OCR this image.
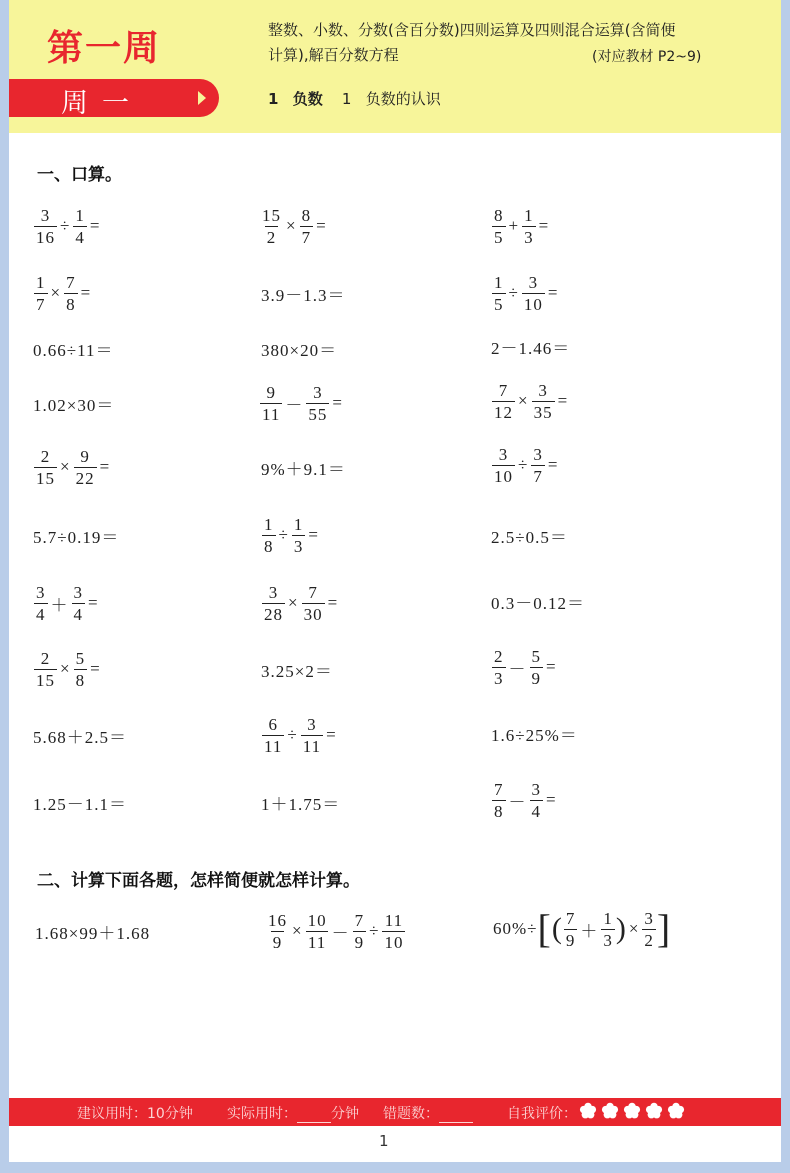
第一周
周一
整数、小数、分数(含百分数)四则运算及四则混合运算(含简便
计算),解百分数方程	(对应教材 P2~9)
1 负数 1 负数的认识
一、口算。
$\frac{3}{16} \div \frac{1}{4}$ =	$\frac{15}{2} \times \frac{8}{7}$ =	$\frac{8}{5} + \frac{1}{3}$ =
$\frac{1}{7} \times \frac{7}{8}$ =	3.9－1.3＝	$\frac{1}{5} \div \frac{3}{10}$ =
0.66÷11＝	380×20＝	2－1.46＝
1.02×30＝	$\frac{9}{11} - \frac{3}{55}$ =	$\frac{7}{12} \times \frac{3}{35}$ =
$\frac{2}{15} \times \frac{9}{22}$ =	9%＋9.1＝	$\frac{3}{10} \div \frac{3}{7}$ =
5.7÷0.19＝	$\frac{1}{8} \div \frac{1}{3}$ =	2.5÷0.5＝
$\frac{3}{4} + \frac{3}{4}$ =	$\frac{3}{28} \times \frac{7}{30}$ =	0.3－0.12＝
$\frac{2}{15} \times \frac{5}{8}$ =	3.25×2＝	$\frac{2}{3} - \frac{5}{9}$ =
5.68＋2.5＝	$\frac{6}{11} \div \frac{3}{11}$ =	1.6÷25%＝
1.25－1.1＝	1＋1.75＝	$\frac{7}{8} - \frac{3}{4}$ =
二、计算下面各题，怎样简便就怎样计算。
1.68×99＋1.68	$\frac{16}{9} \times \frac{10}{11} - \frac{7}{9} \div \frac{11}{10}$	60%÷ [ ( $\frac{7}{9} + \frac{1}{3}$ ) × $\frac{3}{2}$ ]
建议用时：10分钟 实际用时： 分钟 错题数：	自我评价：
1
